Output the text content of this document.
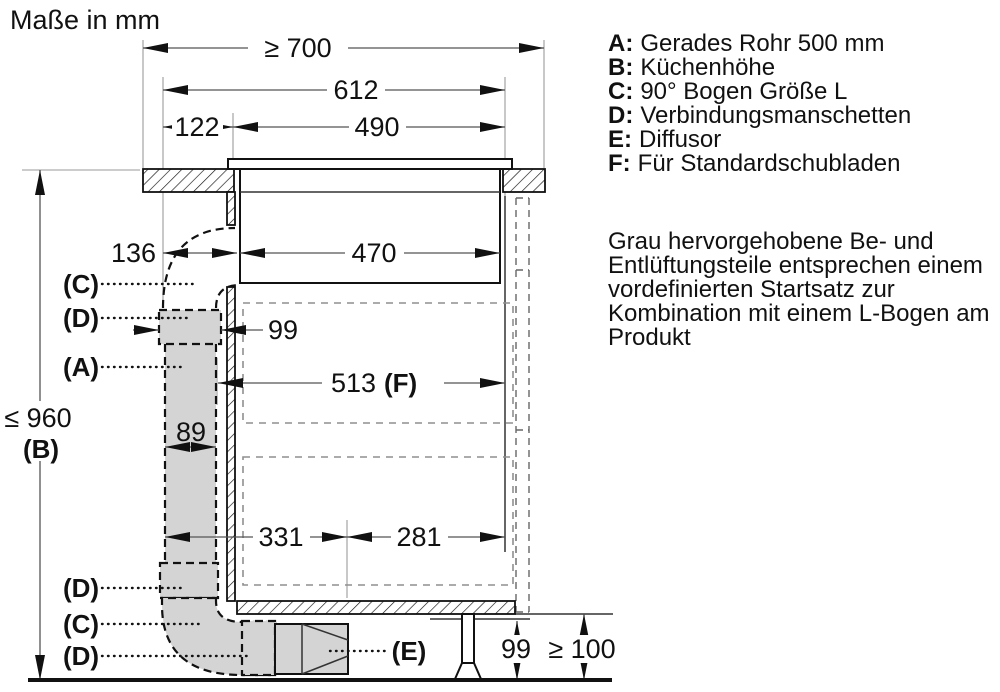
≥ 700
612
122	490
136	470
99
89
513 (F)
331	281
≤ 960
(B)
99 ≥ 100
(C)
(D)
(A)
(D)
(C)
(D)	(E)
Maße in mm
A: Gerades Rohr 500 mm
B: Küchenhöhe
C: 90° Bogen Größe L
D: Verbindungsmanschetten
E: Diffusor
F: Für Standardschubladen
Grau hervorgehobene Be- und Entlüftungsteile entsprechen einem vordefinierten Startsatz zur Kombination mit einem L-Bogen am Produkt
